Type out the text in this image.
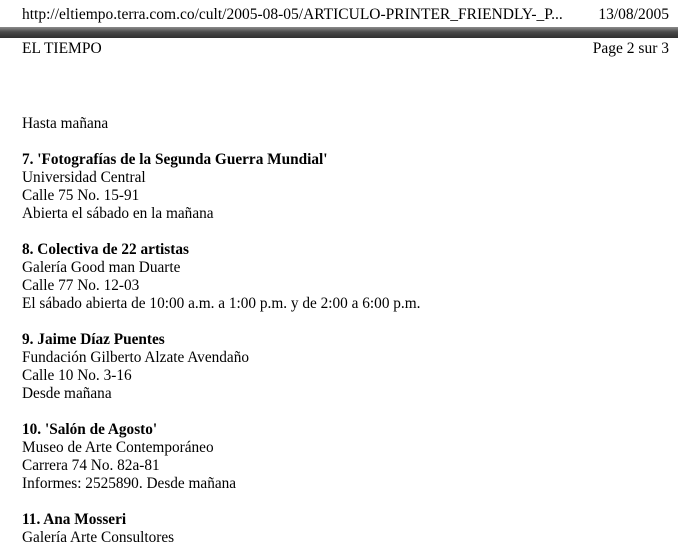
http://eltiempo.terra.com.co/cult/2005-08-05/ARTICULO-PRINTER_FRIENDLY-_P... 13/08/2005
EL TIEMPO	Page 2 sur 3
Hasta mañana
7. 'Fotografías de la Segunda Guerra Mundial'
Universidad Central
Calle 75 No. 15-91
Abierta el sábado en la mañana
8. Colectiva de 22 artistas
Galería Good man Duarte
Calle 77 No. 12-03
El sábado abierta de 10:00 a.m. a 1:00 p.m. y de 2:00 a 6:00 p.m.
9. Jaime Díaz Puentes
Fundación Gilberto Alzate Avendaño
Calle 10 No. 3-16
Desde mañana
10. 'Salón de Agosto'
Museo de Arte Contemporáneo
Carrera 74 No. 82a-81
Informes: 2525890. Desde mañana
11. Ana Mosseri
Galería Arte Consultores
